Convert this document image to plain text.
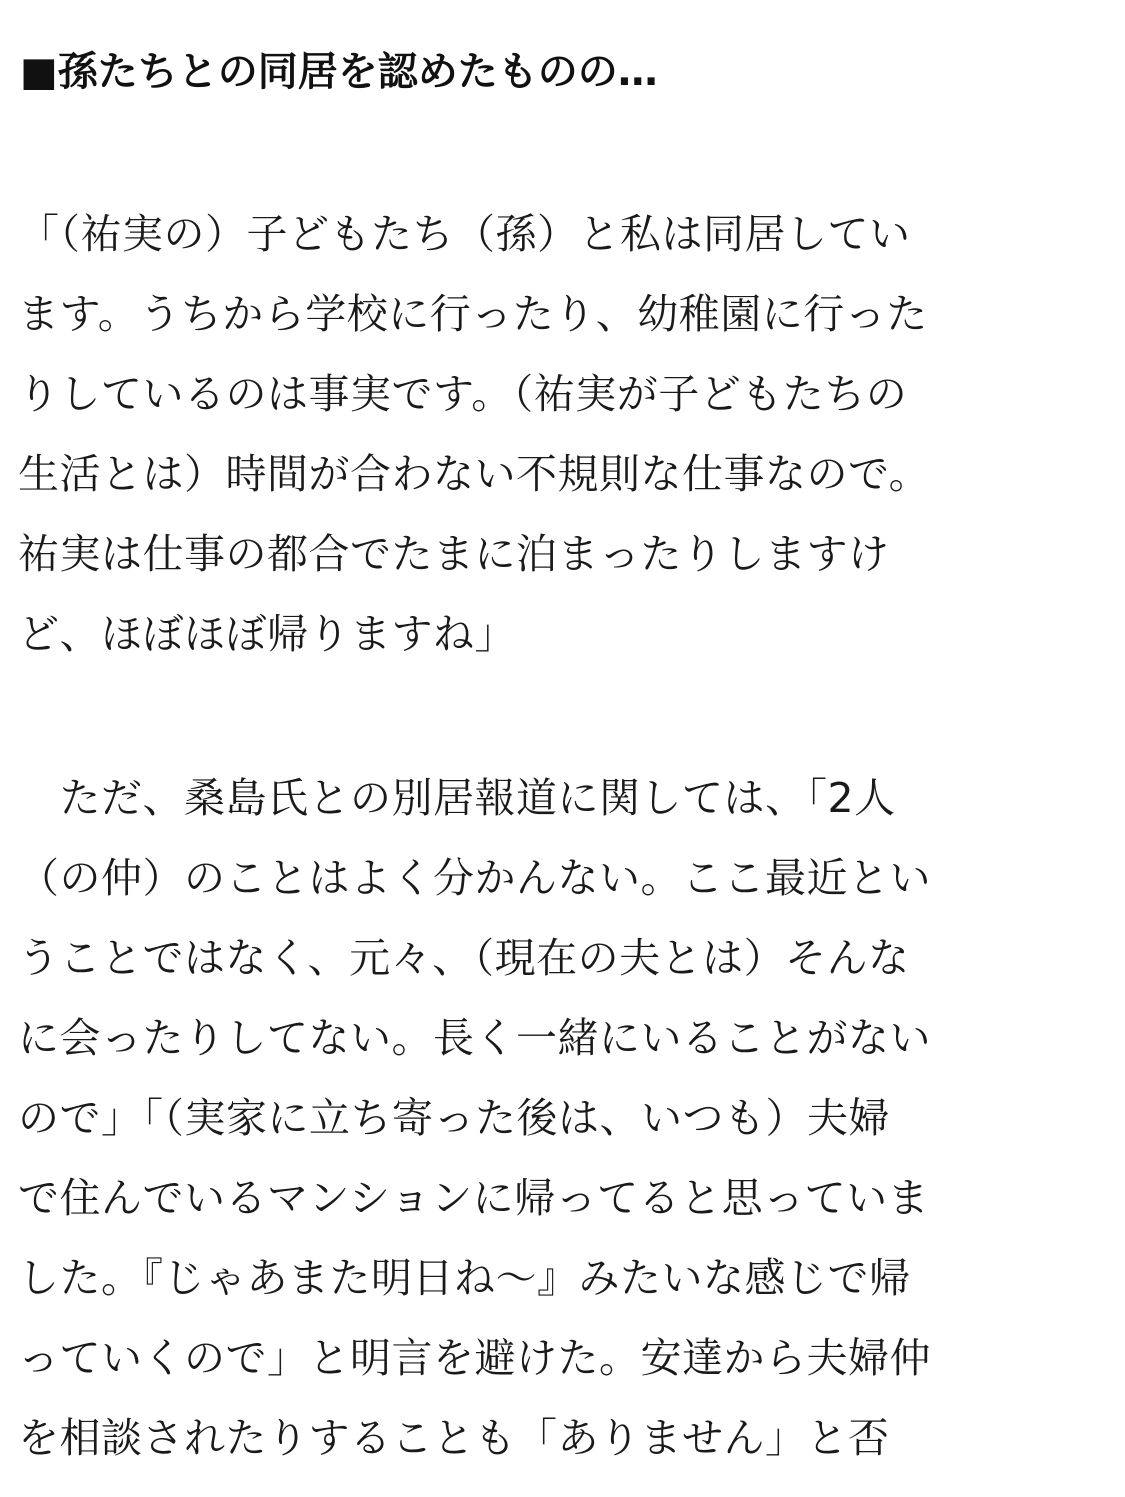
■孫たちとの同居を認めたものの…

「（祐実の）子どもたち（孫）と私は同居してい

ます。うちから学校に行ったり、幼稚園に行った

りしているのは事実です。（祐実が子どもたちの

生活とは）時間が合わない不規則な仕事なので。

祐実は仕事の都合でたまに泊まったりしますけ

ど、ほぼほぼ帰りますね」

　ただ、桑島氏との別居報道に関しては、「2人

（の仲）のことはよく分かんない。ここ最近とい

うことではなく、元々、（現在の夫とは）そんな

に会ったりしてない。長く一緒にいることがない

ので」「（実家に立ち寄った後は、いつも）夫婦

で住んでいるマンションに帰ってると思っていま

した。『じゃあまた明日ね〜』みたいな感じで帰

っていくので」と明言を避けた。安達から夫婦仲

を相談されたりすることも「ありません」と否
